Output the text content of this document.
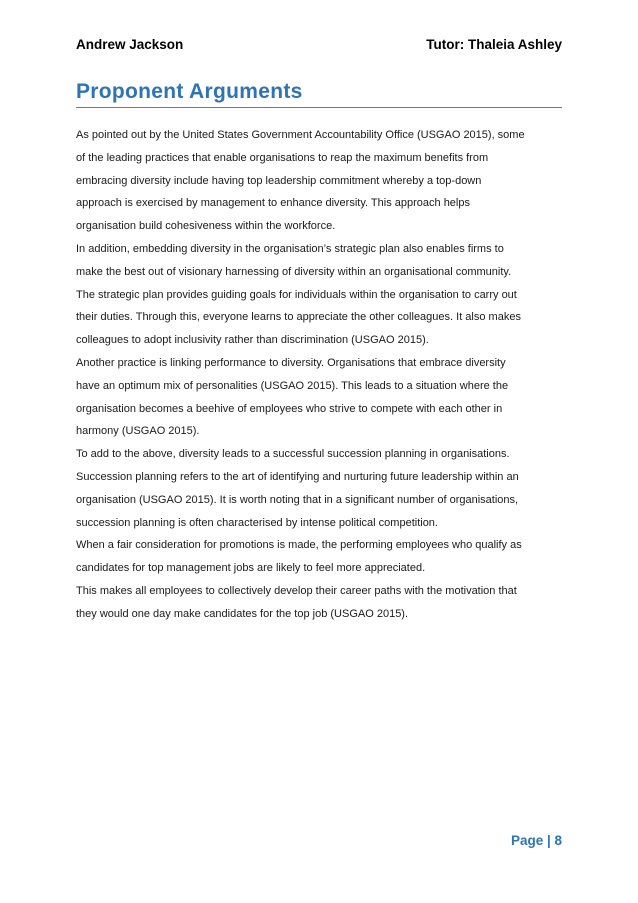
Andrew Jackson	Tutor: Thaleia Ashley
Proponent Arguments
As pointed out by the United States Government Accountability Office (USGAO 2015), some
of the leading practices that enable organisations to reap the maximum benefits from
embracing diversity include having top leadership commitment whereby a top-down
approach is exercised by management to enhance diversity. This approach helps
organisation build cohesiveness within the workforce.
In addition, embedding diversity in the organisation’s strategic plan also enables firms to
make the best out of visionary harnessing of diversity within an organisational community.
The strategic plan provides guiding goals for individuals within the organisation to carry out
their duties. Through this, everyone learns to appreciate the other colleagues. It also makes
colleagues to adopt inclusivity rather than discrimination (USGAO 2015).
Another practice is linking performance to diversity. Organisations that embrace diversity
have an optimum mix of personalities (USGAO 2015). This leads to a situation where the
organisation becomes a beehive of employees who strive to compete with each other in
harmony (USGAO 2015).
To add to the above, diversity leads to a successful succession planning in organisations.
Succession planning refers to the art of identifying and nurturing future leadership within an
organisation (USGAO 2015). It is worth noting that in a significant number of organisations,
succession planning is often characterised by intense political competition.
When a fair consideration for promotions is made, the performing employees who qualify as
candidates for top management jobs are likely to feel more appreciated.
This makes all employees to collectively develop their career paths with the motivation that
they would one day make candidates for the top job (USGAO 2015).
Page | 8
